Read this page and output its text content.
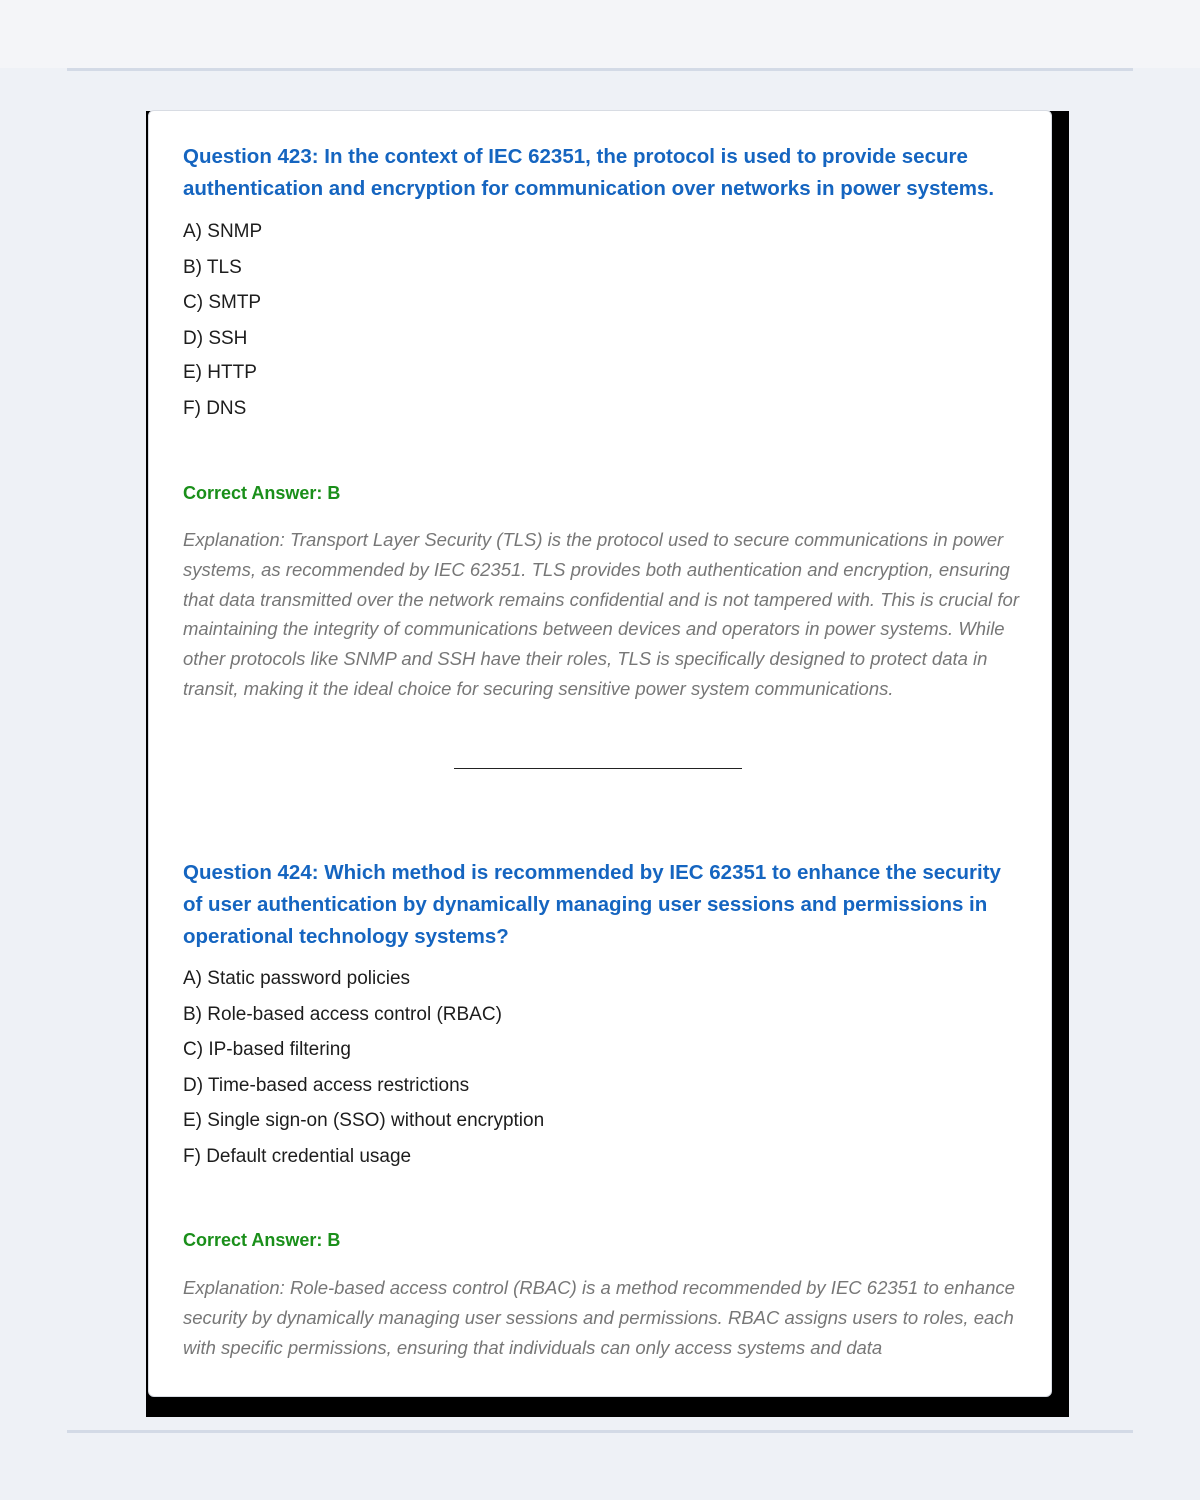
Question 423: In the context of IEC 62351, the protocol is used to provide secure authentication and encryption for communication over networks in power systems.
A) SNMP
B) TLS
C) SMTP
D) SSH
E) HTTP
F) DNS
Correct Answer: B

Explanation: Transport Layer Security (TLS) is the protocol used to secure communications in power systems, as recommended by IEC 62351. TLS provides both authentication and encryption, ensuring that data transmitted over the network remains confidential and is not tampered with. This is crucial for maintaining the integrity of communications between devices and operators in power systems. While other protocols like SNMP and SSH have their roles, TLS is specifically designed to protect data in transit, making it the ideal choice for securing sensitive power system communications.

Question 424: Which method is recommended by IEC 62351 to enhance the security of user authentication by dynamically managing user sessions and permissions in operational technology systems?
A) Static password policies
B) Role-based access control (RBAC)
C) IP-based filtering
D) Time-based access restrictions
E) Single sign-on (SSO) without encryption
F) Default credential usage
Correct Answer: B

Explanation: Role-based access control (RBAC) is a method recommended by IEC 62351 to enhance security by dynamically managing user sessions and permissions. RBAC assigns users to roles, each with specific permissions, ensuring that individuals can only access systems and data
